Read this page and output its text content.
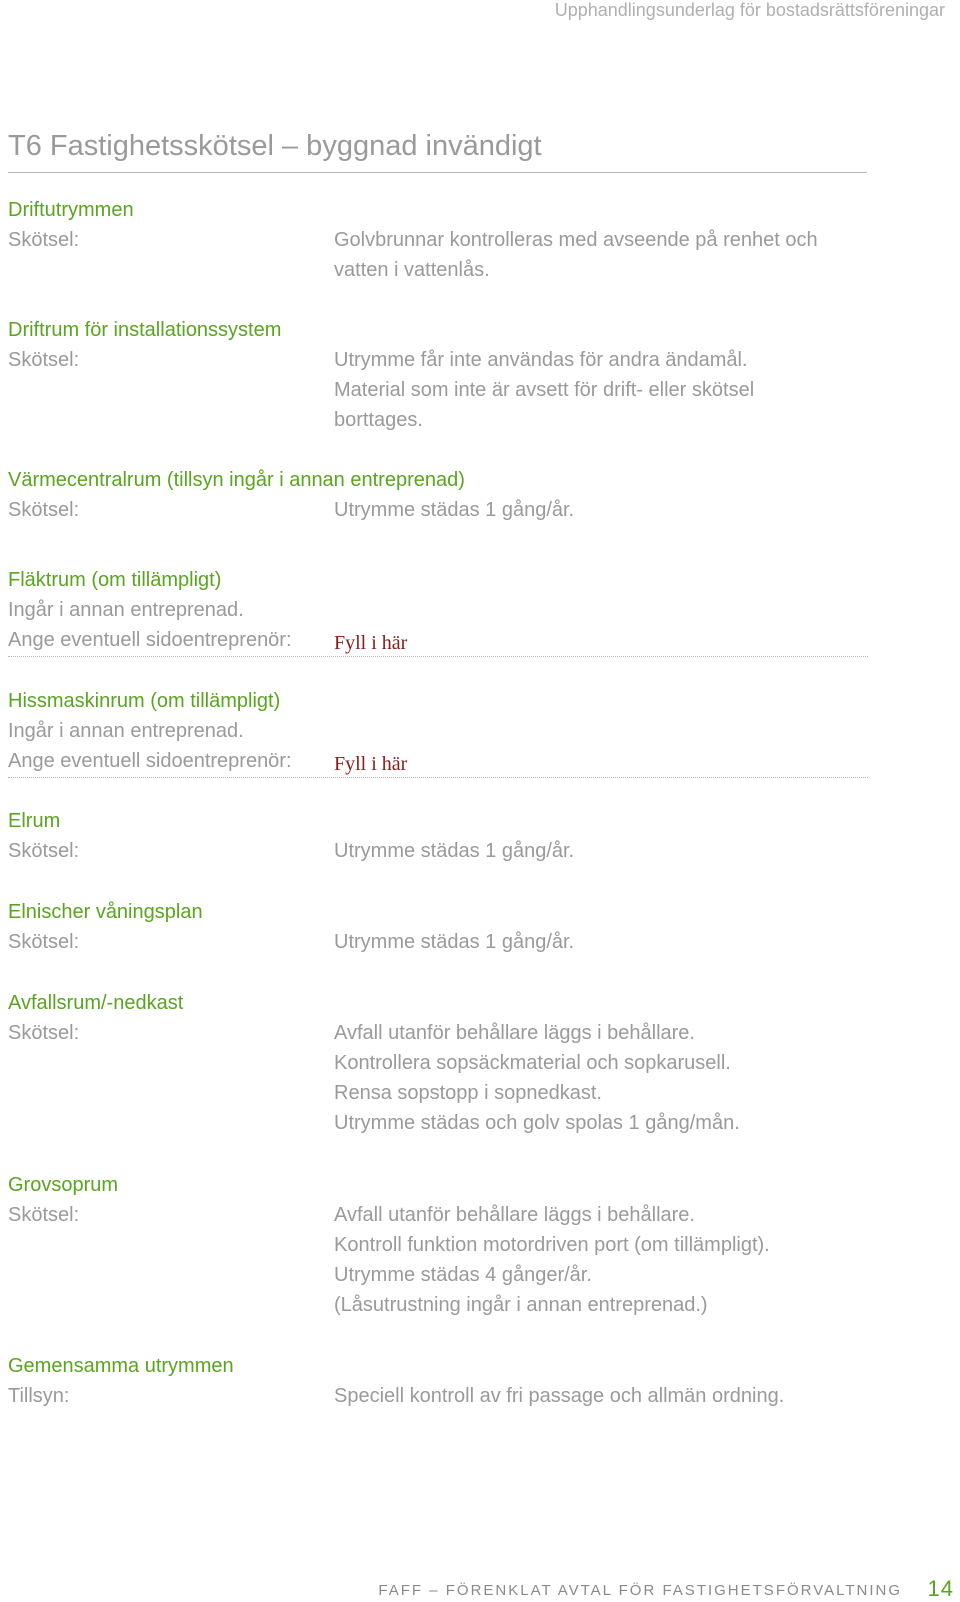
Upphandlingsunderlag för bostadsrättsföreningar
T6 Fastighetsskötsel – byggnad invändigt
Driftutrymmen
Skötsel:	Golvbrunnar kontrolleras med avseende på renhet och
vatten i vattenlås.
Driftrum för installationssystem
Skötsel:	Utrymme får inte användas för andra ändamål.
Material som inte är avsett för drift- eller skötsel
borttages.
Värmecentralrum (tillsyn ingår i annan entreprenad)
Skötsel:	Utrymme städas 1 gång/år.
Fläktrum (om tillämpligt)
Ingår i annan entreprenad.
Ange eventuell sidoentreprenör: Fyll i här
Hissmaskinrum (om tillämpligt)
Ingår i annan entreprenad.
Ange eventuell sidoentreprenör: Fyll i här
Elrum
Skötsel:	Utrymme städas 1 gång/år.
Elnischer våningsplan
Skötsel:	Utrymme städas 1 gång/år.
Avfallsrum/-nedkast
Skötsel:	Avfall utanför behållare läggs i behållare.
Kontrollera sopsäckmaterial och sopkarusell.
Rensa sopstopp i sopnedkast.
Utrymme städas och golv spolas 1 gång/mån.
Grovsoprum
Skötsel:	Avfall utanför behållare läggs i behållare.
Kontroll funktion motordriven port (om tillämpligt).
Utrymme städas 4 gånger/år.
(Låsutrustning ingår i annan entreprenad.)
Gemensamma utrymmen
Tillsyn:	Speciell kontroll av fri passage och allmän ordning.
FAFF – FÖRENKLAT AVTAL FÖR FASTIGHETSFÖRVALTNING 14
